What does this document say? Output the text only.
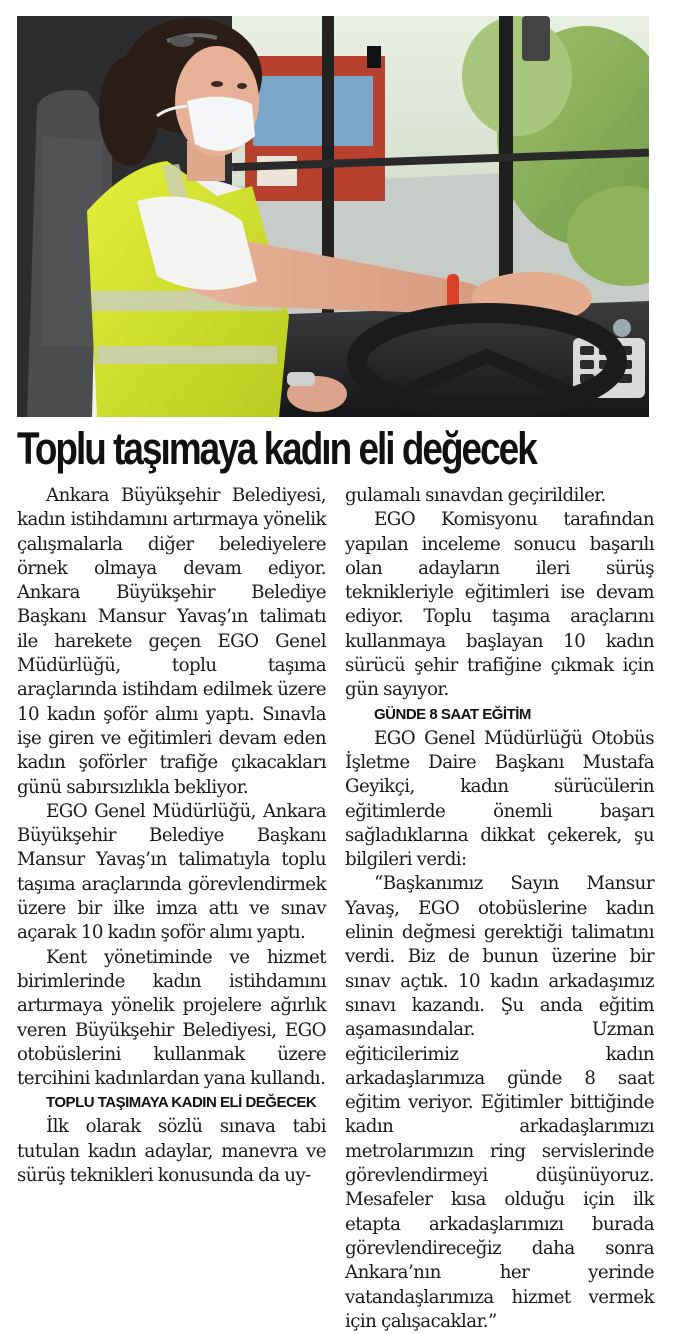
Toplu taşımaya kadın eli değecek

Ankara Büyükşehir Belediyesi, kadın istihdamını artırmaya yönelik çalışmalarla diğer belediyelere örnek olmaya devam ediyor. Ankara Büyükşehir Belediye Başkanı Mansur Yavaş’ın talimatı ile harekete geçen EGO Genel Müdürlüğü, toplu taşıma araçlarında istihdam edilmek üzere 10 kadın şoför alımı yaptı. Sınavla işe giren ve eğitimleri devam eden kadın şoförler trafiğe çıkacakları günü sabırsızlıkla bekliyor.

EGO Genel Müdürlüğü, Ankara Büyükşehir Belediye Başkanı Mansur Yavaş’ın talimatıyla toplu taşıma araçlarında görevlendirmek üzere bir ilke imza attı ve sınav açarak 10 kadın şoför alımı yaptı.

Kent yönetiminde ve hizmet birimlerinde kadın istihdamını artırmaya yönelik projelere ağırlık veren Büyükşehir Belediyesi, EGO otobüslerini kullanmak üzere tercihini kadınlardan yana kullandı.

TOPLU TAŞIMAYA KADIN ELİ DEĞECEK

İlk olarak sözlü sınava tabi tutulan kadın adaylar, manevra ve sürüş teknikleri konusunda da uy-

gulamalı sınavdan geçirildiler.

EGO Komisyonu tarafından yapılan inceleme sonucu başarılı olan adayların ileri sürüş teknikleriyle eğitimleri ise devam ediyor. Toplu taşıma araçlarını kullanmaya başlayan 10 kadın sürücü şehir trafiğine çıkmak için gün sayıyor.

GÜNDE 8 SAAT EĞİTİM

EGO Genel Müdürlüğü Otobüs İşletme Daire Başkanı Mustafa Geyikçi, kadın sürücülerin eğitimlerde önemli başarı sağladıklarına dikkat çekerek, şu bilgileri verdi:

“Başkanımız Sayın Mansur Yavaş, EGO otobüslerine kadın elinin değmesi gerektiği talimatını verdi. Biz de bunun üzerine bir sınav açtık. 10 kadın arkadaşımız sınavı kazandı. Şu anda eğitim aşamasındalar. Uzman eğiticilerimiz kadın arkadaşlarımıza günde 8 saat eğitim veriyor. Eğitimler bittiğinde kadın arkadaşlarımızı metrolarımızın ring servislerinde görevlendirmeyi düşünüyoruz. Mesafeler kısa olduğu için ilk etapta arkadaşlarımızı burada görevlendireceğiz daha sonra Ankara’nın her yerinde vatandaşlarımıza hizmet vermek için çalışacaklar.”
